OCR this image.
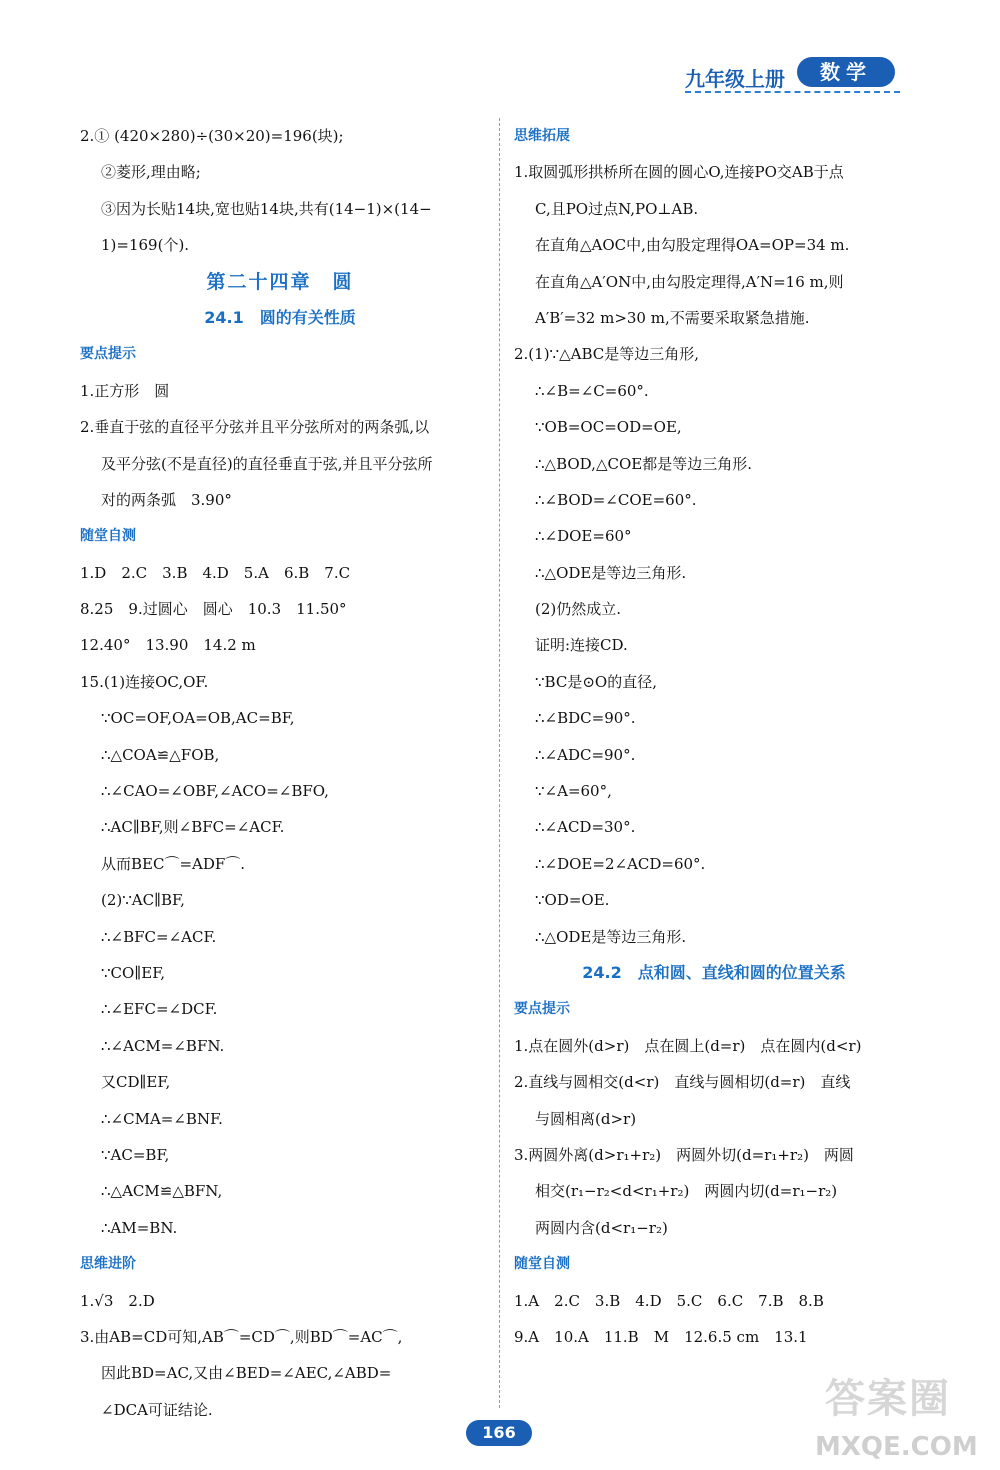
九年级上册	数学
2.① (420×280)÷(30×20)=196(块);
②菱形,理由略;
③因为长贴14块,宽也贴14块,共有(14−1)×(14−
1)=169(个).
第二十四章　圆
24.1　圆的有关性质
要点提示
1.正方形　圆
2.垂直于弦的直径平分弦并且平分弦所对的两条弧,以
及平分弦(不是直径)的直径垂直于弦,并且平分弦所
对的两条弧　3.90°
随堂自测
1.D　2.C　3.B　4.D　5.A　6.B　7.C
8.25　9.过圆心　圆心　10.3　11.50°
12.40°　13.90　14.2 m
15.(1)连接OC,OF.
∵OC=OF,OA=OB,AC=BF,
∴△COA≌△FOB,
∴∠CAO=∠OBF,∠ACO=∠BFO,
∴AC∥BF,则∠BFC=∠ACF.
从而BEC⌒=ADF⌒.
(2)∵AC∥BF,
∴∠BFC=∠ACF.
∵CO∥EF,
∴∠EFC=∠DCF.
∴∠ACM=∠BFN.
又CD∥EF,
∴∠CMA=∠BNF.
∵AC=BF,
∴△ACM≌△BFN,
∴AM=BN.
思维进阶
1.√3　2.D
3.由AB=CD可知,AB⌒=CD⌒,则BD⌒=AC⌒,
因此BD=AC,又由∠BED=∠AEC,∠ABD=
∠DCA可证结论.
思维拓展
1.取圆弧形拱桥所在圆的圆心O,连接PO交AB于点
C,且PO过点N,PO⊥AB.
在直角△AOC中,由勾股定理得OA=OP=34 m.
在直角△A′ON中,由勾股定理得,A′N=16 m,则
A′B′=32 m>30 m,不需要采取紧急措施.
2.(1)∵△ABC是等边三角形,
∴∠B=∠C=60°.
∵OB=OC=OD=OE,
∴△BOD,△COE都是等边三角形.
∴∠BOD=∠COE=60°.
∴∠DOE=60°
∴△ODE是等边三角形.
(2)仍然成立.
证明:连接CD.
∵BC是⊙O的直径,
∴∠BDC=90°.
∴∠ADC=90°.
∵∠A=60°,
∴∠ACD=30°.
∴∠DOE=2∠ACD=60°.
∵OD=OE.
∴△ODE是等边三角形.
24.2　点和圆、直线和圆的位置关系
要点提示
1.点在圆外(d>r)　点在圆上(d=r)　点在圆内(d<r)
2.直线与圆相交(d<r)　直线与圆相切(d=r)　直线
与圆相离(d>r)
3.两圆外离(d>r₁+r₂)　两圆外切(d=r₁+r₂)　两圆
相交(r₁−r₂<d<r₁+r₂)　两圆内切(d=r₁−r₂)
两圆内含(d<r₁−r₂)
随堂自测
1.A　2.C　3.B　4.D　5.C　6.C　7.B　8.B
9.A　10.A　11.B　M　12.6.5 cm　13.1
166
答案圈
MXQE.COM
